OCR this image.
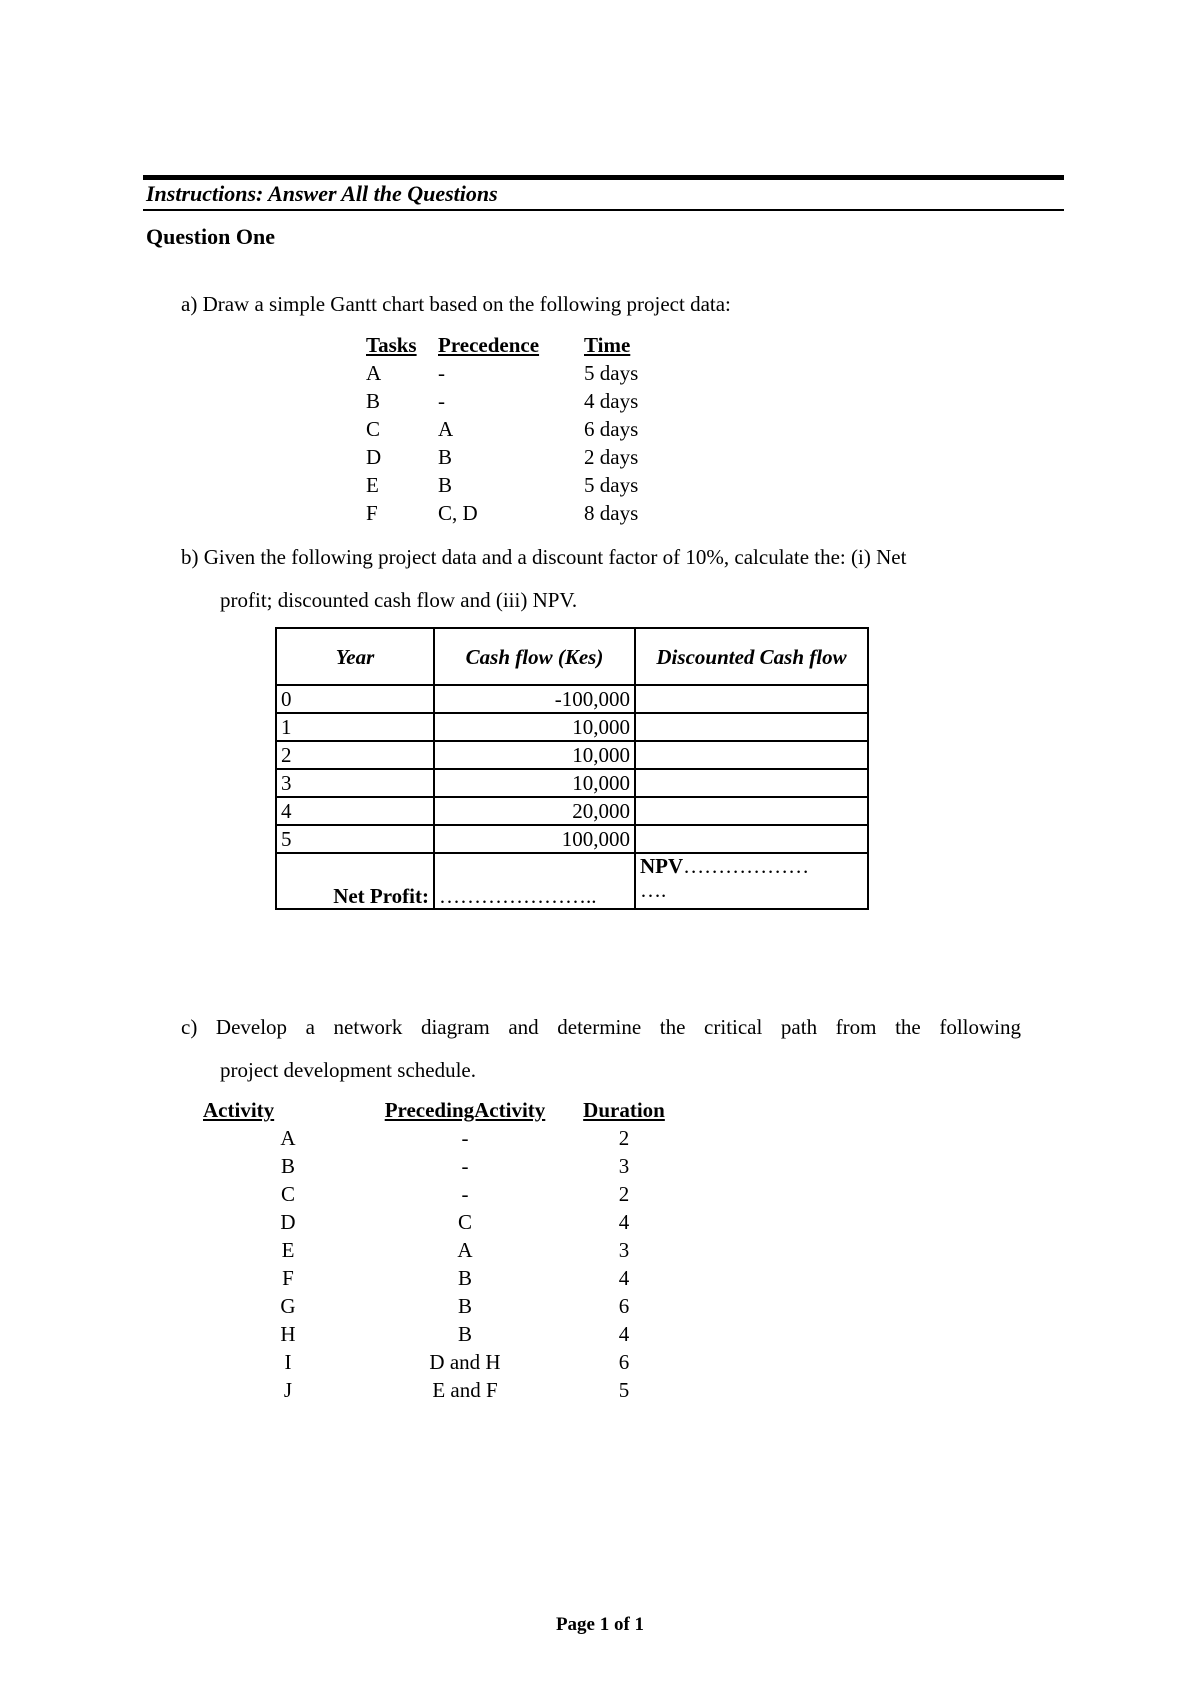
Instructions: Answer All the Questions
Question One
a) Draw a simple Gantt chart based on the following project data:
Tasks	Precedence	Time
A	-	5 days
B	-	4 days
C	A	6 days
D	B	2 days
E	B	5 days
F	C, D	8 days
b) Given the following project data and a discount factor of 10%, calculate the: (i) Net
profit; discounted cash flow and (iii) NPV.
Year	Cash flow (Kes)	Discounted Cash flow
0	-100,000	
1	10,000	
2	10,000	
3	10,000	
4	20,000	
5	100,000	
Net Profit:	…………………..	NPV………………
….
c) Develop a network diagram and determine the critical path from the following
project development schedule.
Activity	PrecedingActivity	Duration
A	-	2
B	-	3
C	-	2
D	C	4
E	A	3
F	B	4
G	B	6
H	B	4
I	D and H	6
J	E and F	5
Page 1 of 1
